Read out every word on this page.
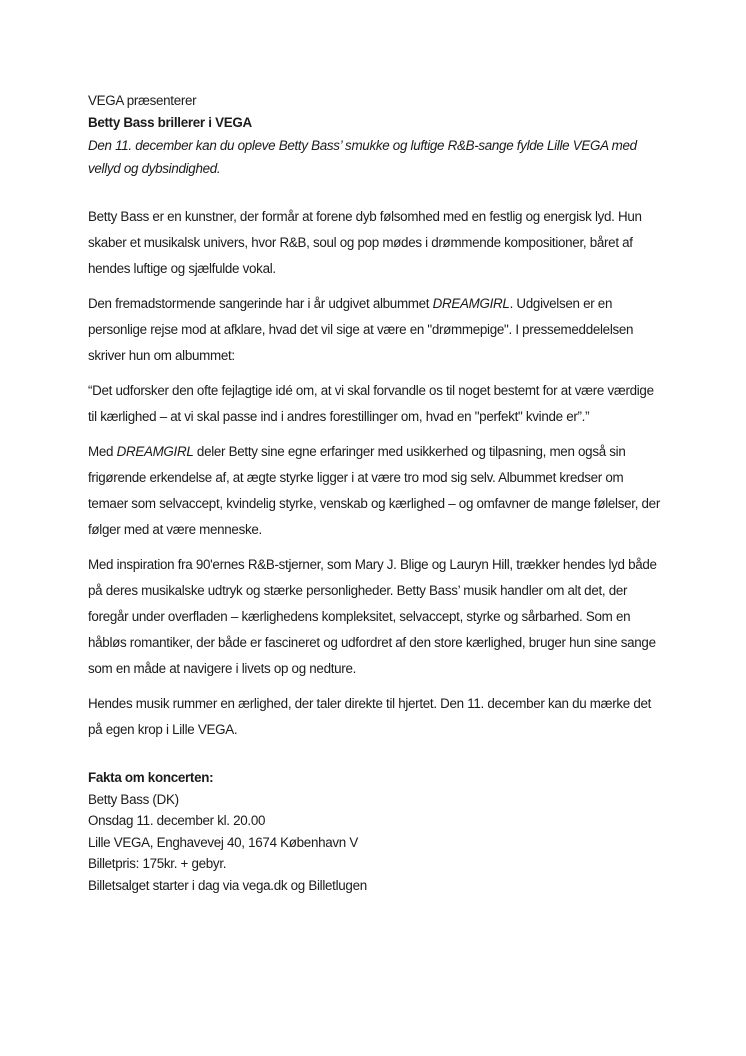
VEGA præsenterer
Betty Bass brillerer i VEGA
Den 11. december kan du opleve Betty Bass’ smukke og luftige R&B-sange fylde Lille VEGA med vellyd og dybsindighed.

Betty Bass er en kunstner, der formår at forene dyb følsomhed med en festlig og energisk lyd. Hun skaber et musikalsk univers, hvor R&B, soul og pop mødes i drømmende kompositioner, båret af hendes luftige og sjælfulde vokal.

Den fremadstormende sangerinde har i år udgivet albummet DREAMGIRL. Udgivelsen er en personlige rejse mod at afklare, hvad det vil sige at være en "drømmepige". I pressemeddelelsen skriver hun om albummet:

“Det udforsker den ofte fejlagtige idé om, at vi skal forvandle os til noget bestemt for at være værdige til kærlighed – at vi skal passe ind i andres forestillinger om, hvad en "perfekt" kvinde er”.”

Med DREAMGIRL deler Betty sine egne erfaringer med usikkerhed og tilpasning, men også sin frigørende erkendelse af, at ægte styrke ligger i at være tro mod sig selv. Albummet kredser om temaer som selvaccept, kvindelig styrke, venskab og kærlighed – og omfavner de mange følelser, der følger med at være menneske.

Med inspiration fra 90'ernes R&B-stjerner, som Mary J. Blige og Lauryn Hill, trækker hendes lyd både på deres musikalske udtryk og stærke personligheder. Betty Bass’ musik handler om alt det, der foregår under overfladen – kærlighedens kompleksitet, selvaccept, styrke og sårbarhed. Som en håbløs romantiker, der både er fascineret og udfordret af den store kærlighed, bruger hun sine sange som en måde at navigere i livets op og nedture.

Hendes musik rummer en ærlighed, der taler direkte til hjertet. Den 11. december kan du mærke det på egen krop i Lille VEGA.

Fakta om koncerten:
Betty Bass (DK)
Onsdag 11. december kl. 20.00
Lille VEGA, Enghavevej 40, 1674 København V
Billetpris: 175kr. + gebyr.
Billetsalget starter i dag via vega.dk og Billetlugen
